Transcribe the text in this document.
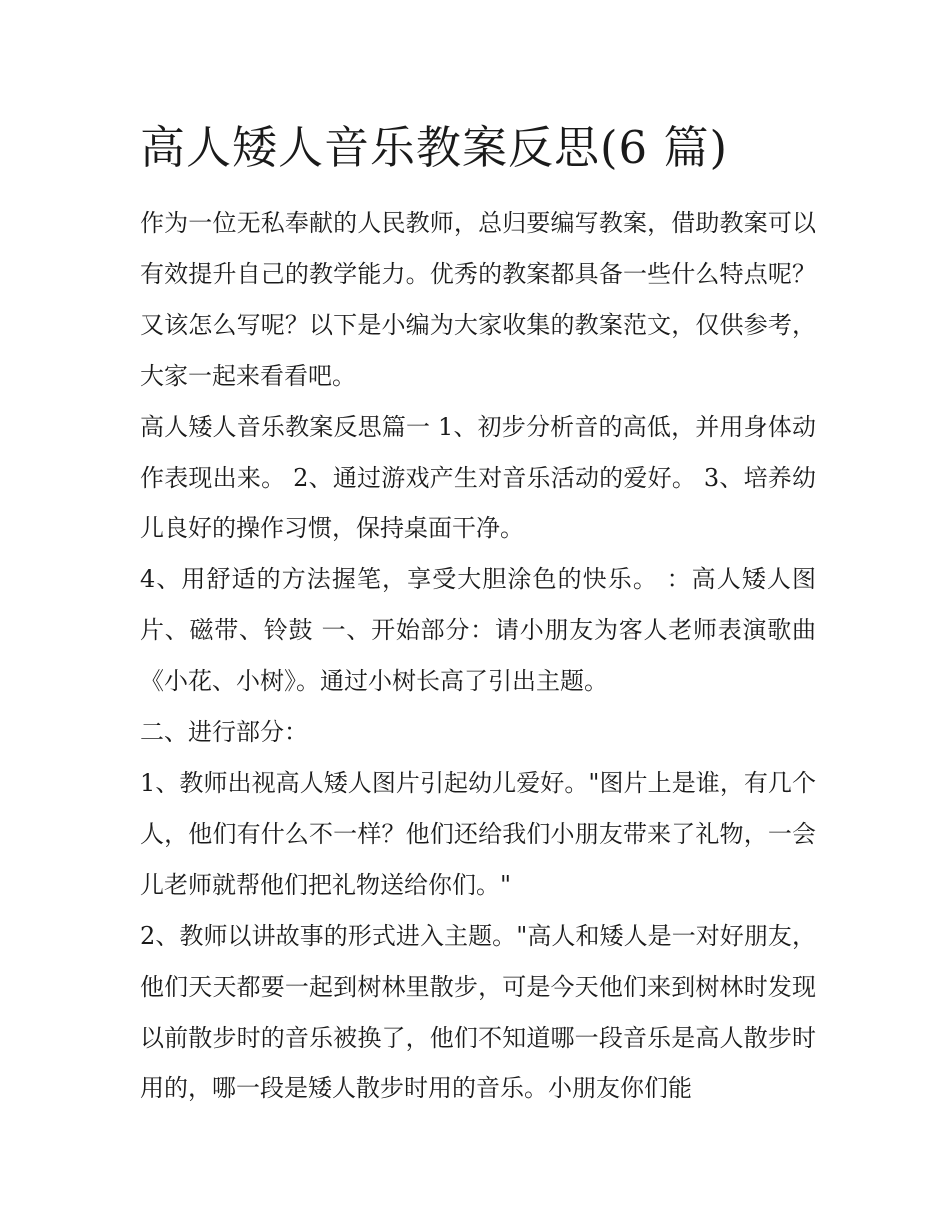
高人矮人音乐教案反思(6 篇)

作为一位无私奉献的人民教师，总归要编写教案，借助教案可以有效提升自己的教学能力。优秀的教案都具备一些什么特点呢？又该怎么写呢？以下是小编为大家收集的教案范文，仅供参考，大家一起来看看吧。

高人矮人音乐教案反思篇一 1、初步分析音的高低，并用身体动作表现出来。 2、通过游戏产生对音乐活动的爱好。 3、培养幼儿良好的操作习惯，保持桌面干净。

4、用舒适的方法握笔，享受大胆涂色的快乐。 ：高人矮人图片、磁带、铃鼓 一、开始部分：请小朋友为客人老师表演歌曲《小花、小树》。通过小树长高了引出主题。

二、进行部分：

1、教师出视高人矮人图片引起幼儿爱好。"图片上是谁，有几个人，他们有什么不一样？他们还给我们小朋友带来了礼物，一会儿老师就帮他们把礼物送给你们。"

2、教师以讲故事的形式进入主题。"高人和矮人是一对好朋友，他们天天都要一起到树林里散步，可是今天他们来到树林时发现以前散步时的音乐被换了，他们不知道哪一段音乐是高人散步时用的，哪一段是矮人散步时用的音乐。小朋友你们能
